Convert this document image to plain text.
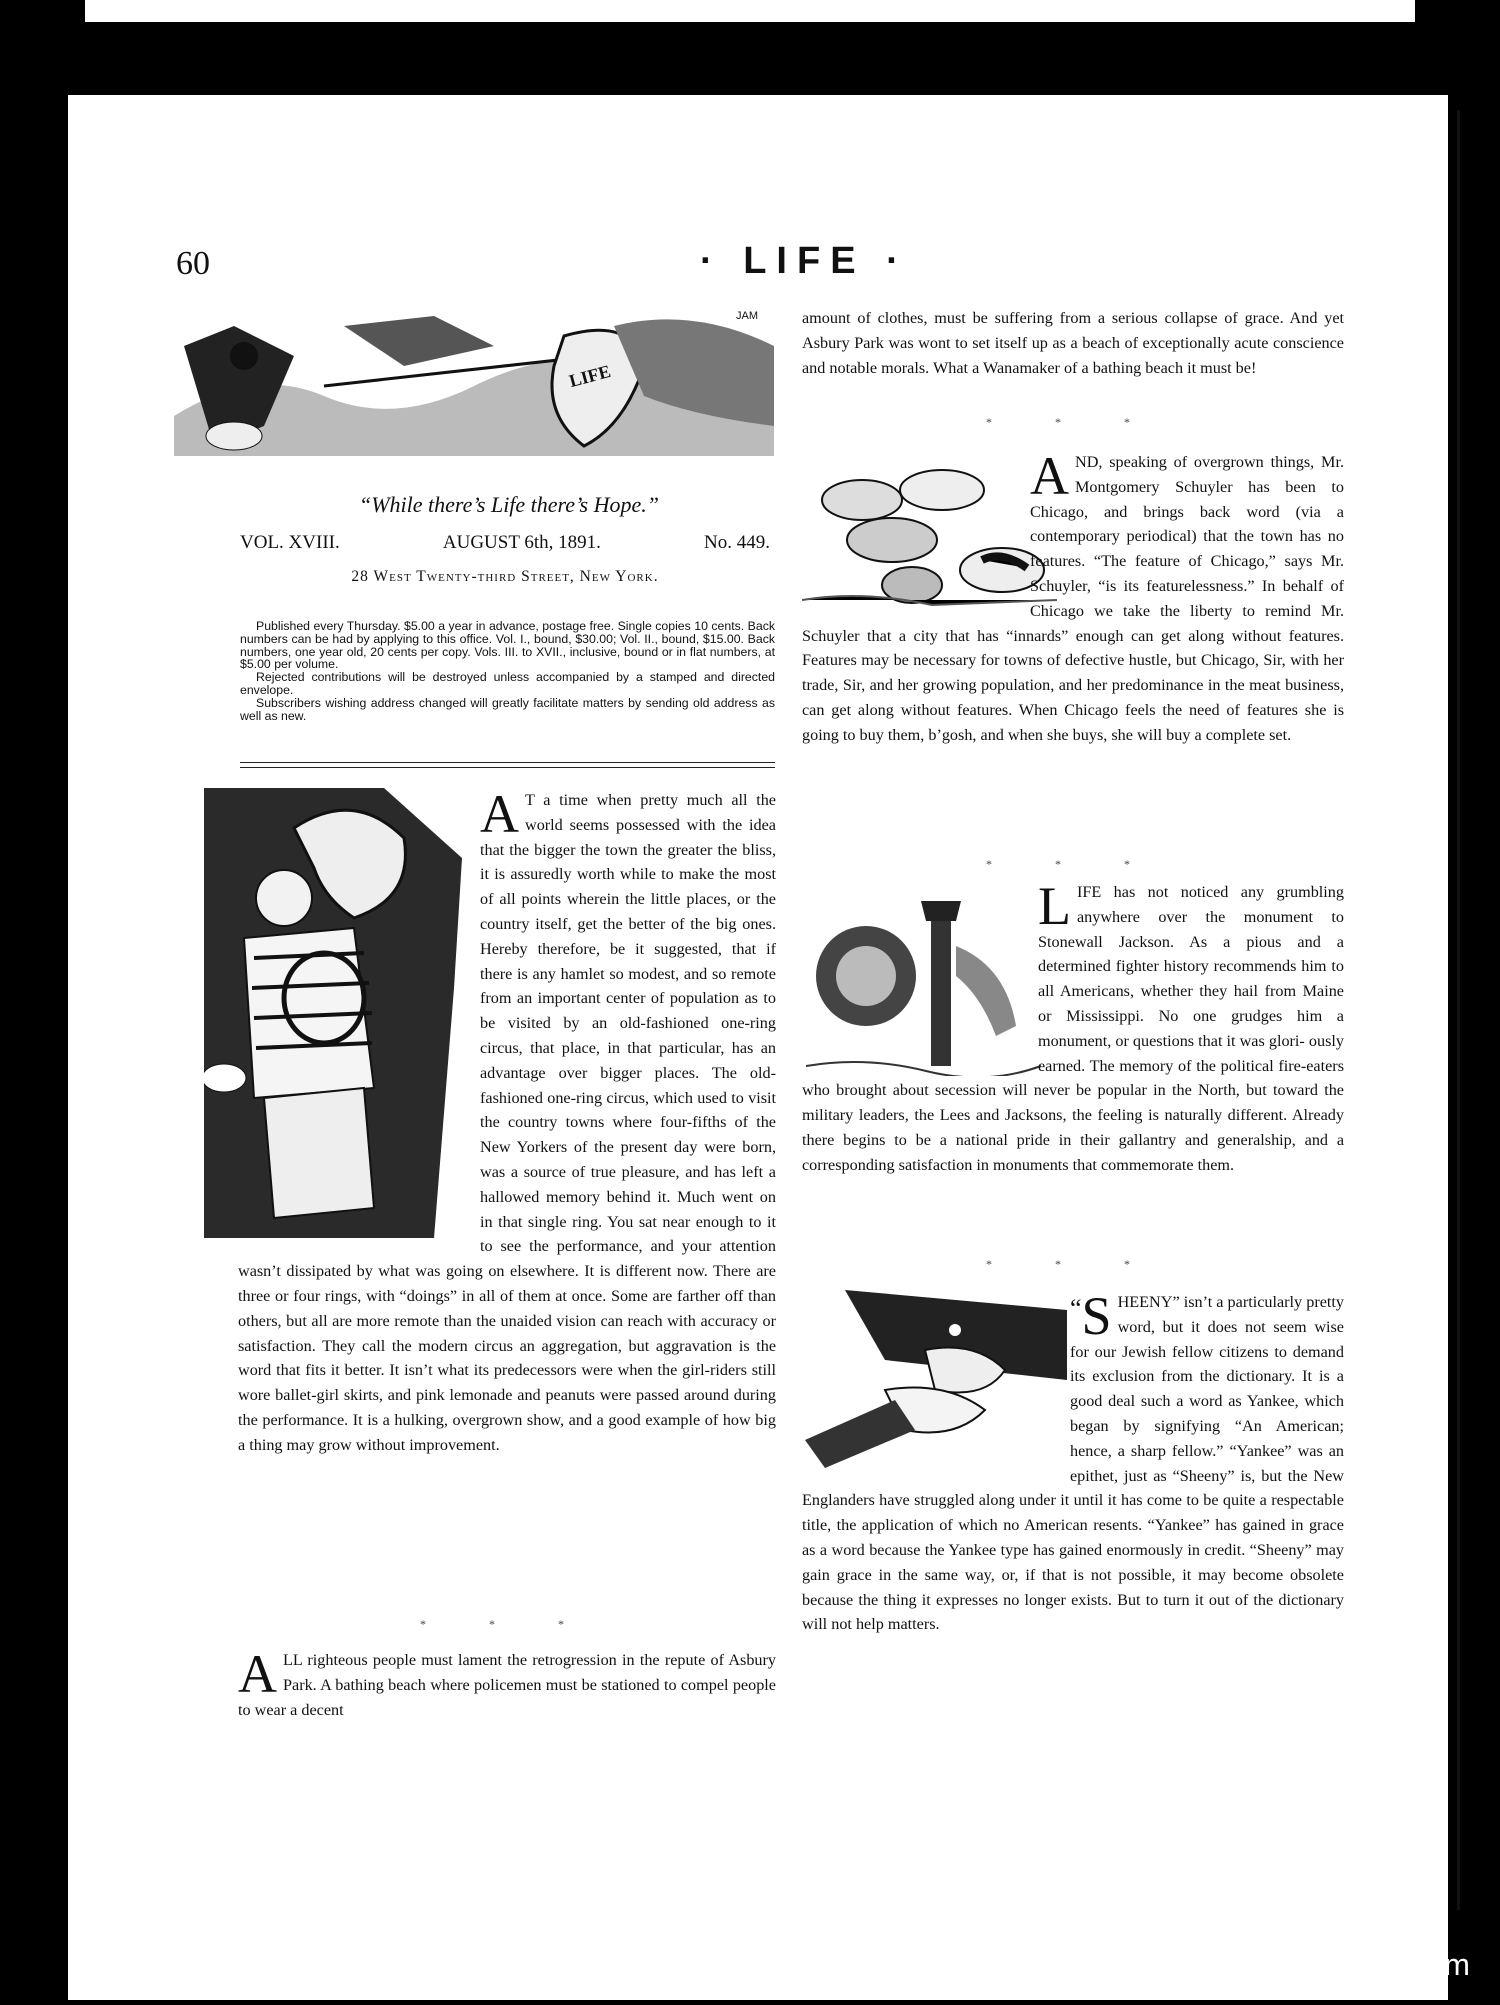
60	· LIFE ·
JAM
LIFE
“While there’s Life there’s Hope.”
VOL. XVIII.	AUGUST 6th, 1891.	No. 449.
28 West Twenty-third Street, New York.

Published every Thursday. $5.00 a year in advance, postage free. Single copies 10 cents. Back numbers can be had by applying to this office. Vol. I., bound, $30.00; Vol. II., bound, $15.00. Back numbers, one year old, 20 cents per copy. Vols. III. to XVII., inclusive, bound or in flat numbers, at $5.00 per volume.

Rejected contributions will be destroyed unless accompanied by a stamped and directed envelope.

Subscribers wishing address changed will greatly facilitate matters by sending old address as well as new.

A T a time when pretty much all the world seems possessed with the idea that the bigger the town the greater the bliss, it is assuredly worth while to make the most of all points wherein the little places, or the country itself, get the better of the big ones. Hereby therefore, be it suggested, that if there is any hamlet so modest, and so remote from an important center of population as to be visited by an old-fashioned one-ring circus, that place, in that particular, has an advantage over bigger places. The old-fashioned one-ring circus, which used to visit the country towns where four-fifths of the New Yorkers of the present day were born, was a source of true pleasure, and has left a hallowed memory behind it. Much went on in that single ring. You sat near enough to it to see the performance, and your attention wasn’t dissipated by what was going on elsewhere. It is different now. There are three or four rings, with “doings” in all of them at once. Some are farther off than others, but all are more remote than the unaided vision can reach with accuracy or satisfaction. They call the modern circus an aggregation, but aggravation is the word that fits it better. It isn’t what its predecessors were when the girl-riders still wore ballet-girl skirts, and pink lemonade and peanuts were passed around during the performance. It is a hulking, overgrown show, and a good example of how big a thing may grow without improvement.
* * *
A LL righteous people must lament the retrogression in the repute of Asbury Park. A bathing beach where policemen must be stationed to compel people to wear a decent

amount of clothes, must be suffering from a serious collapse of grace. And yet Asbury Park was wont to set itself up as a beach of exceptionally acute conscience and notable morals. What a Wanamaker of a bathing beach it must be!

* * *
A ND, speaking of overgrown things, Mr. Montgomery Schuyler has been to Chicago, and brings back word (via a contemporary periodical) that the town has no features. “The feature of Chicago,” says Mr. Schuyler, “is its featurelessness.” In behalf of Chicago we take the liberty to remind Mr. Schuyler that a city that has “innards” enough can get along without features. Features may be necessary for towns of defective hustle, but Chicago, Sir, with her trade, Sir, and her growing population, and her predominance in the meat business, can get along without features. When Chicago feels the need of features she is going to buy them, b’gosh, and when she buys, she will buy a complete set.
* * *
L IFE has not noticed any grumbling anywhere over the monument to Stonewall Jackson. As a pious and a determined fighter history recommends him to all Americans, whether they hail from Maine or Mississippi. No one grudges him a monument, or questions that it was glori- ously earned. The memory of the political fire-eaters who brought about secession will never be popular in the North, but toward the military leaders, the Lees and Jacksons, the feeling is naturally different. Already there begins to be a national pride in their gallantry and generalship, and a corresponding satisfaction in monuments that commemorate them.
* * *
“ S HEENY” isn’t a particularly pretty word, but it does not seem wise for our Jewish fellow citizens to demand its exclusion from the dictionary. It is a good deal such a word as Yankee, which began by signifying “An American; hence, a sharp fellow.” “Yankee” was an epithet, just as “Sheeny” is, but the New Englanders have struggled along under it until it has come to be quite a respectable title, the application of which no American resents. “Yankee” has gained in grace as a word because the Yankee type has gained enormously in credit. “Sheeny” may gain grace in the same way, or, if that is not possible, it may become obsolete because the thing it expresses no longer exists. But to turn it out of the dictionary will not help matters.
comicbooks.com
